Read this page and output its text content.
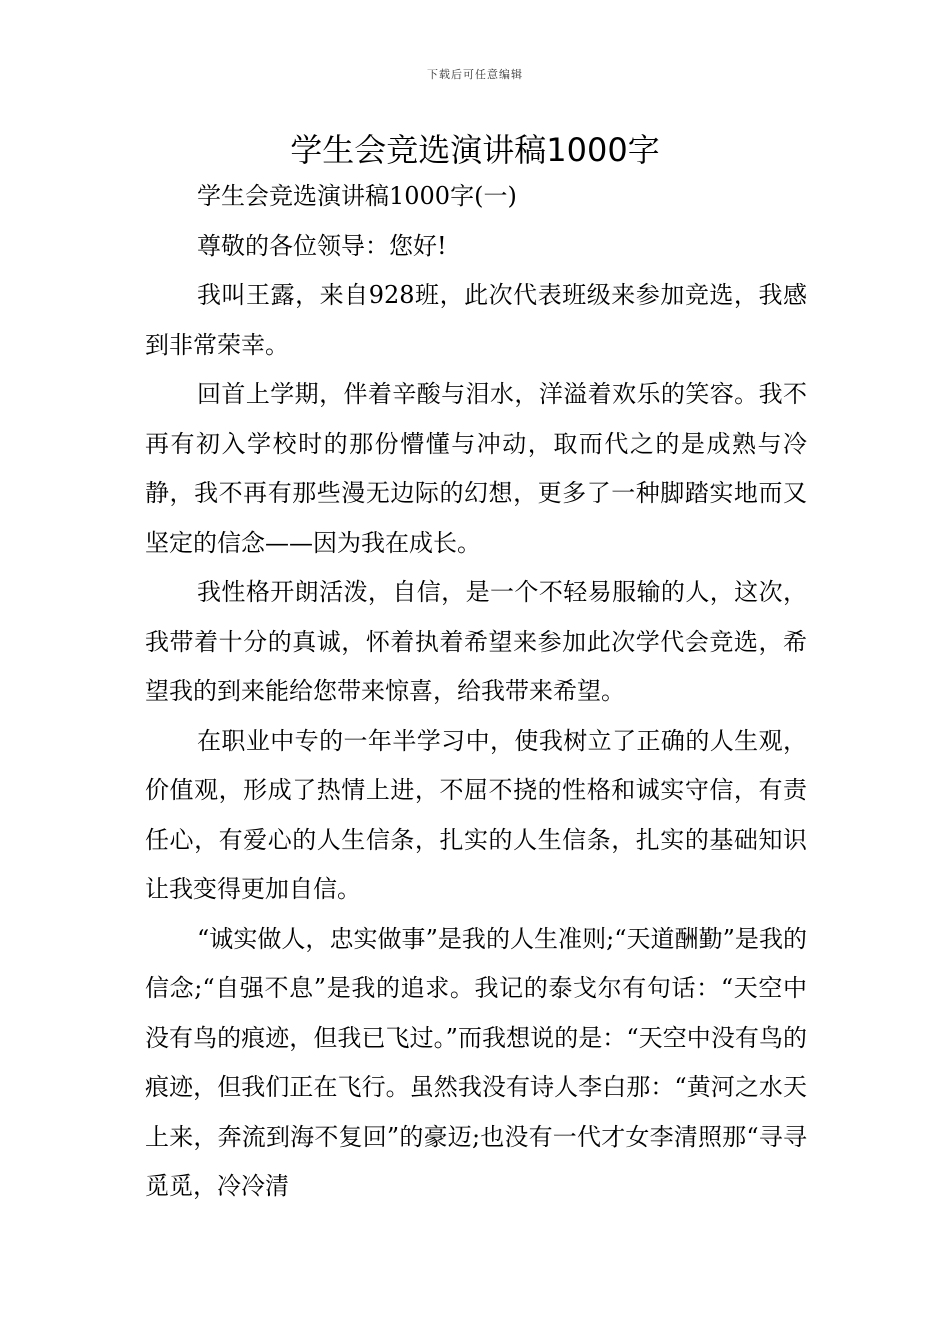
下载后可任意编辑
学生会竞选演讲稿1000字

学生会竞选演讲稿1000字(一)

尊敬的各位领导：您好!

我叫王露，来自928班，此次代表班级来参加竞选，我感到非常荣幸。

回首上学期，伴着辛酸与泪水，洋溢着欢乐的笑容。我不再有初入学校时的那份懵懂与冲动，取而代之的是成熟与冷静，我不再有那些漫无边际的幻想，更多了一种脚踏实地而又坚定的信念——因为我在成长。

我性格开朗活泼，自信，是一个不轻易服输的人，这次，我带着十分的真诚，怀着执着希望来参加此次学代会竞选，希望我的到来能给您带来惊喜，给我带来希望。

在职业中专的一年半学习中，使我树立了正确的人生观，价值观，形成了热情上进，不屈不挠的性格和诚实守信，有责任心，有爱心的人生信条，扎实的人生信条，扎实的基础知识让我变得更加自信。

“诚实做人，忠实做事”是我的人生准则;“天道酬勤”是我的信念;“自强不息”是我的追求。我记的泰戈尔有句话：“天空中没有鸟的痕迹，但我已飞过。”而我想说的是：“天空中没有鸟的痕迹，但我们正在飞行。虽然我没有诗人李白那：“黄河之水天上来，奔流到海不复回”的豪迈;也没有一代才女李清照那“寻寻觅觅，冷冷清
